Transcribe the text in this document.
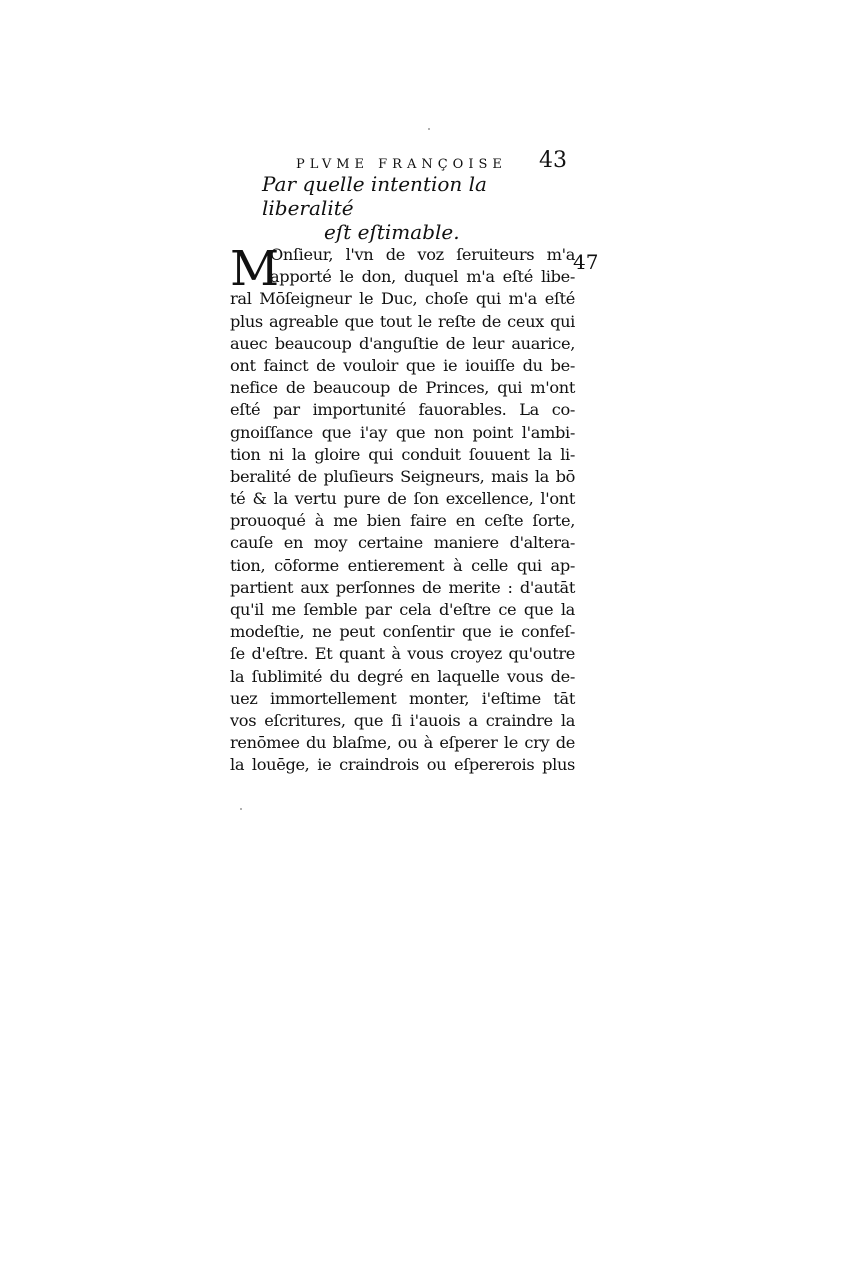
PLVME FRANÇOISE 43
Par quelle intention la liberalité
eſt eſtimable.
47
M
Onſieur, l'vn de voz ſeruiteurs m'a
apporté le don, duquel m'a eſté libe-
ral Mōſeigneur le Duc, choſe qui m'a eſté
plus agreable que tout le reſte de ceux qui
auec beaucoup d'anguſtie de leur auarice,
ont fainct de vouloir que ie iouiſſe du be-
nefice de beaucoup de Princes, qui m'ont
eſté par importunité fauorables. La co-
gnoiſſance que i'ay que non point l'ambi-
tion ni la gloire qui conduit ſouuent la li-
beralité de pluſieurs Seigneurs, mais la bō
té & la vertu pure de ſon excellence, l'ont
prouoqué à me bien faire en ceſte ſorte,
cauſe en moy certaine maniere d'altera-
tion, cōforme entierement à celle qui ap-
partient aux perſonnes de merite : d'autāt
qu'il me ſemble par cela d'eſtre ce que la
modeſtie, ne peut conſentir que ie confeſ-
ſe d'eſtre. Et quant à vous croyez qu'outre
la ſublimité du degré en laquelle vous de-
uez immortellement monter, i'eſtime tāt
vos eſcritures, que ſi i'auois a craindre la
renōmee du blaſme, ou à eſperer le cry de
la louēge, ie craindrois ou eſpererois plus
